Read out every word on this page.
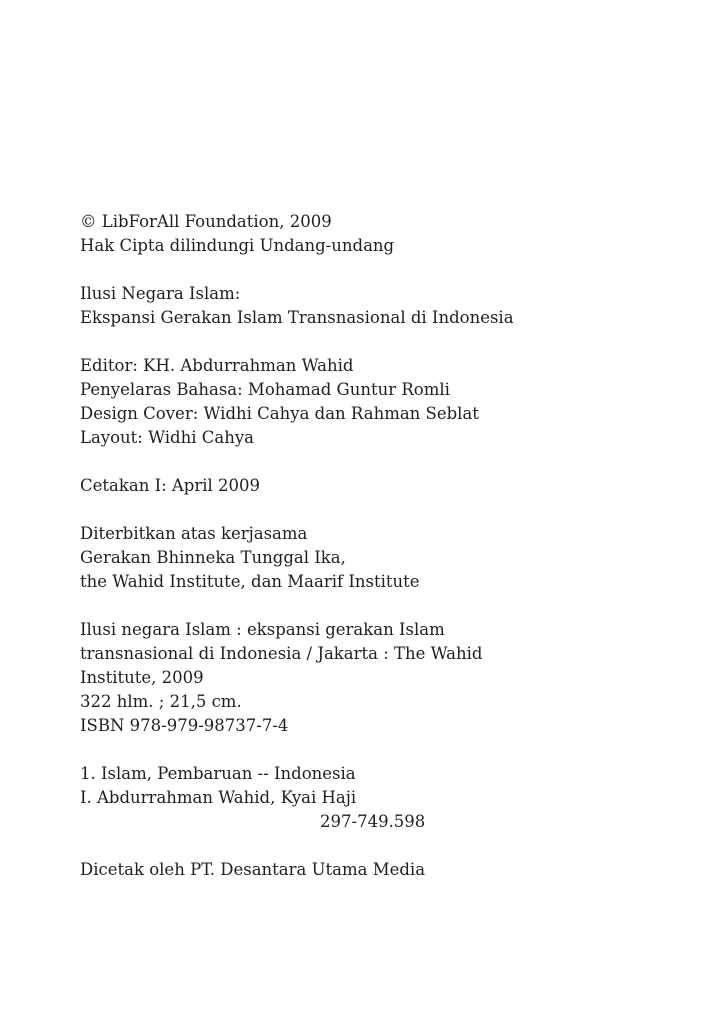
© LibForAll Foundation, 2009
Hak Cipta dilindungi Undang-undang
Ilusi Negara Islam:
Ekspansi Gerakan Islam Transnasional di Indonesia
Editor: KH. Abdurrahman Wahid
Penyelaras Bahasa: Mohamad Guntur Romli
Design Cover: Widhi Cahya dan Rahman Seblat
Layout: Widhi Cahya
Cetakan I: April 2009
Diterbitkan atas kerjasama
Gerakan Bhinneka Tunggal Ika,
the Wahid Institute, dan Maarif Institute
Ilusi negara Islam : ekspansi gerakan Islam
transnasional di Indonesia / Jakarta : The Wahid
Institute, 2009
322 hlm. ; 21,5 cm.
ISBN 978-979-98737-7-4
1. Islam, Pembaruan -- Indonesia
I. Abdurrahman Wahid, Kyai Haji
297-749.598
Dicetak oleh PT. Desantara Utama Media
